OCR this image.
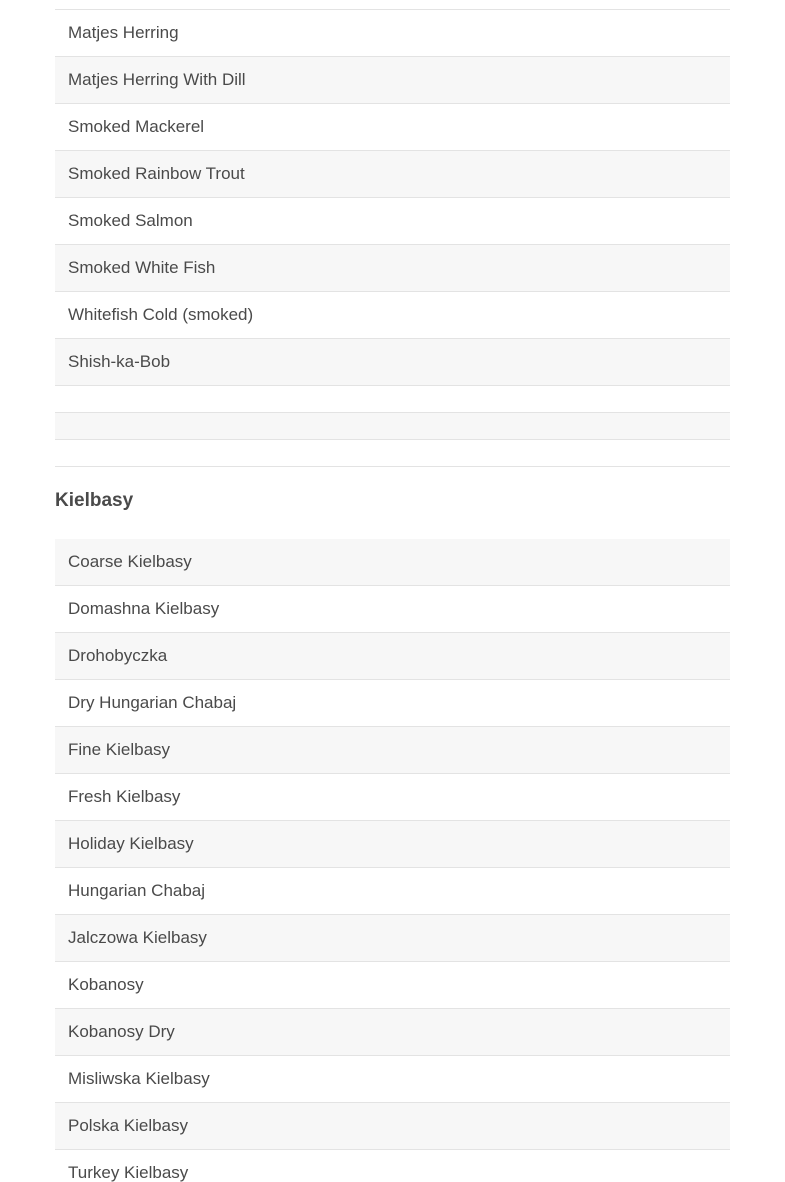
Matjes Herring
Matjes Herring With Dill
Smoked Mackerel
Smoked Rainbow Trout
Smoked Salmon
Smoked White Fish
Whitefish Cold (smoked)
Shish-ka-Bob
Kielbasy
Coarse Kielbasy
Domashna Kielbasy
Drohobyczka
Dry Hungarian Chabaj
Fine Kielbasy
Fresh Kielbasy
Holiday Kielbasy
Hungarian Chabaj
Jalczowa Kielbasy
Kobanosy
Kobanosy Dry
Misliwska Kielbasy
Polska Kielbasy
Turkey Kielbasy
